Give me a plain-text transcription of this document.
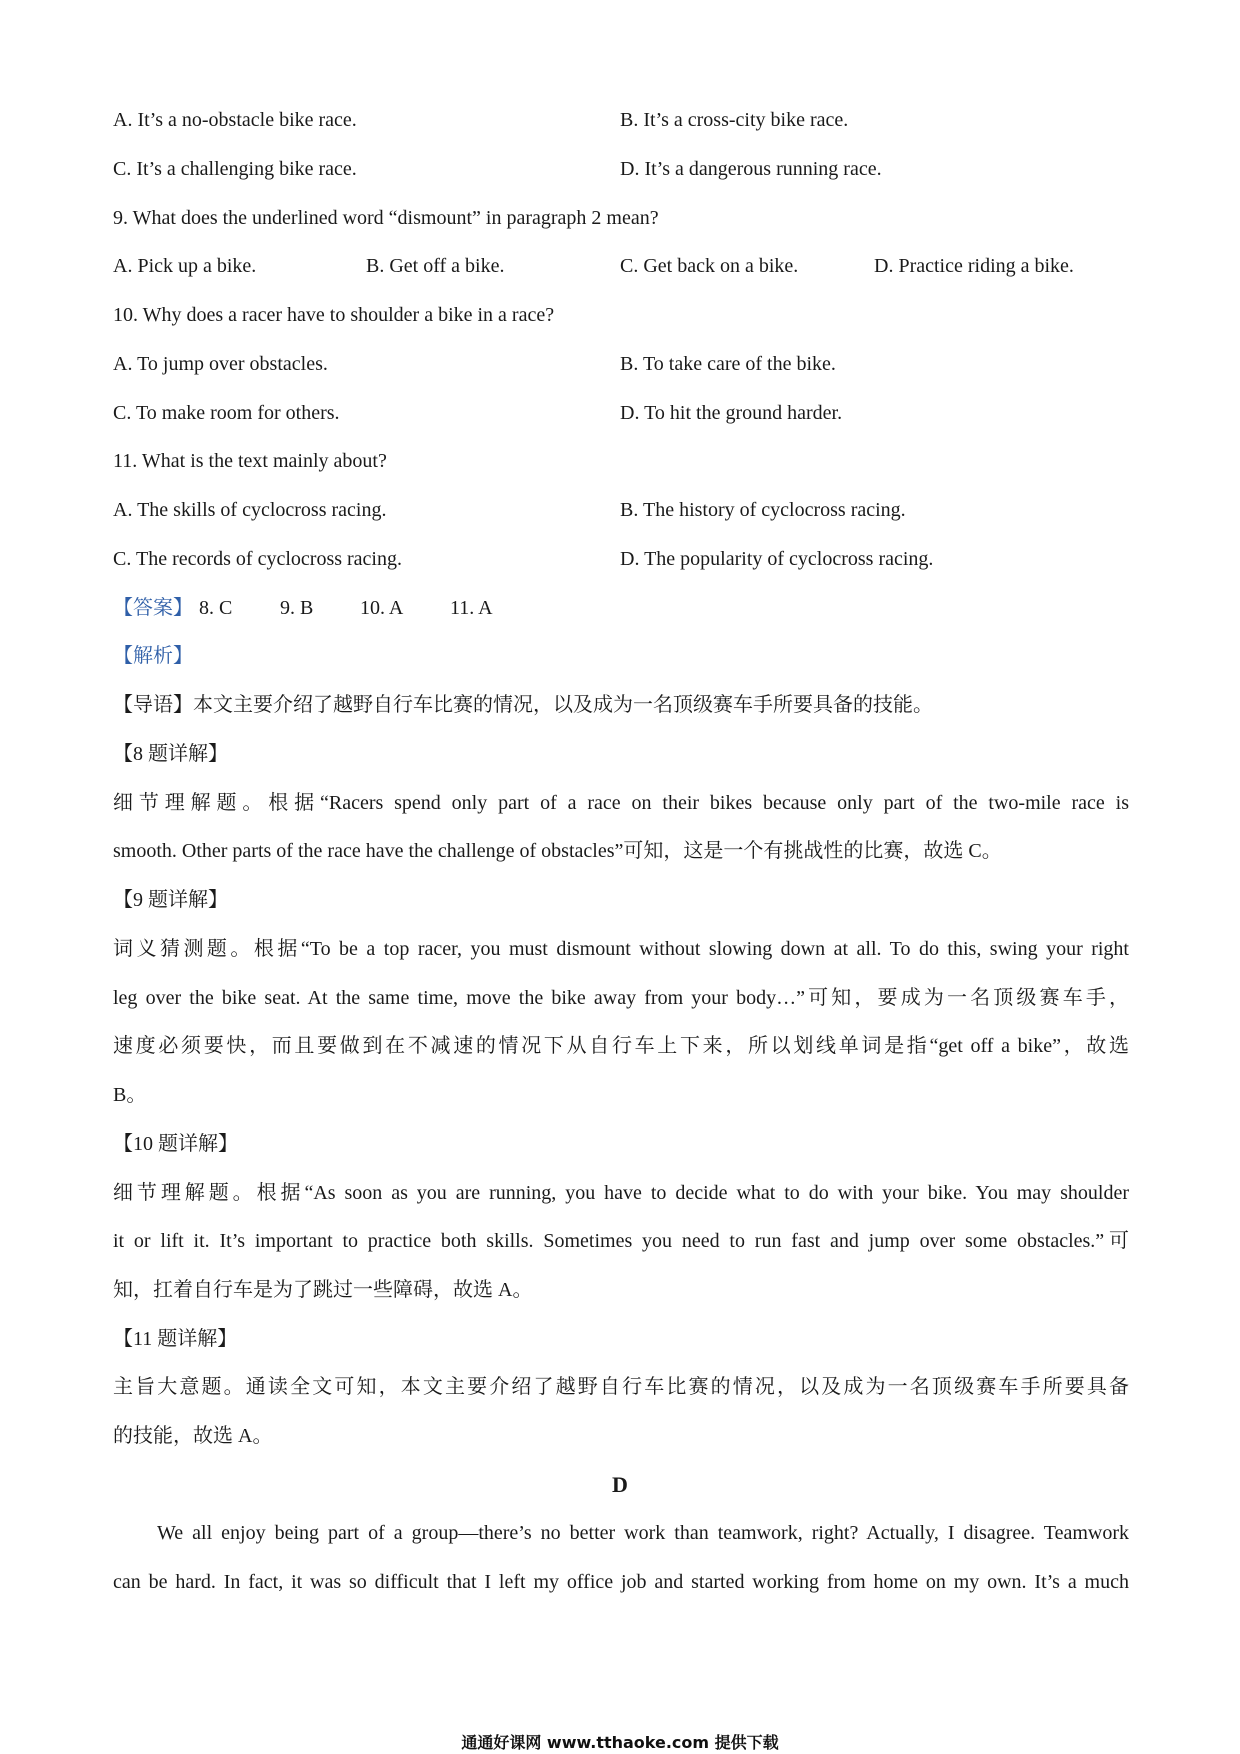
A. It’s a no-obstacle bike race.	B. It’s a cross-city bike race.
C. It’s a challenging bike race.	D. It’s a dangerous running race.
9. What does the underlined word “dismount” in paragraph 2 mean?
A. Pick up a bike.	B. Get off a bike.	C. Get back on a bike.	D. Practice riding a bike.
10. Why does a racer have to shoulder a bike in a race?
A. To jump over obstacles.	B. To take care of the bike.
C. To make room for others.	D. To hit the ground harder.
11. What is the text mainly about?
A. The skills of cyclocross racing.	B. The history of cyclocross racing.
C. The records of cyclocross racing.	D. The popularity of cyclocross racing.
【答案】 8. C 9. B 10. A 11. A
【解析】
【导语】本文主要介绍了越野自行车比赛的情况，以及成为一名顶级赛车手所要具备的技能。
【8 题详解】
细节理解题。根据“Racers spend only part of a race on their bikes because only part of the two-mile race is
smooth. Other parts of the race have the challenge of obstacles”可知，这是一个有挑战性的比赛，故选 C。
【9 题详解】
词义猜测题。根据“To be a top racer, you must dismount without slowing down at all. To do this, swing your right
leg over the bike seat. At the same time, move the bike away from your body…”可知，要成为一名顶级赛车手，
速度必须要快，而且要做到在不减速的情况下从自行车上下来，所以划线单词是指“get off a bike”，故选
B。
【10 题详解】
细节理解题。根据“As soon as you are running, you have to decide what to do with your bike. You may shoulder
it or lift it. It’s important to practice both skills. Sometimes you need to run fast and jump over some obstacles.”可
知，扛着自行车是为了跳过一些障碍，故选 A。
【11 题详解】
主旨大意题。通读全文可知，本文主要介绍了越野自行车比赛的情况，以及成为一名顶级赛车手所要具备
的技能，故选 A。
D
We all enjoy being part of a group—there’s no better work than teamwork, right? Actually, I disagree. Teamwork
can be hard. In fact, it was so difficult that I left my office job and started working from home on my own. It’s a much
通通好课网 www.tthaoke.com 提供下载
